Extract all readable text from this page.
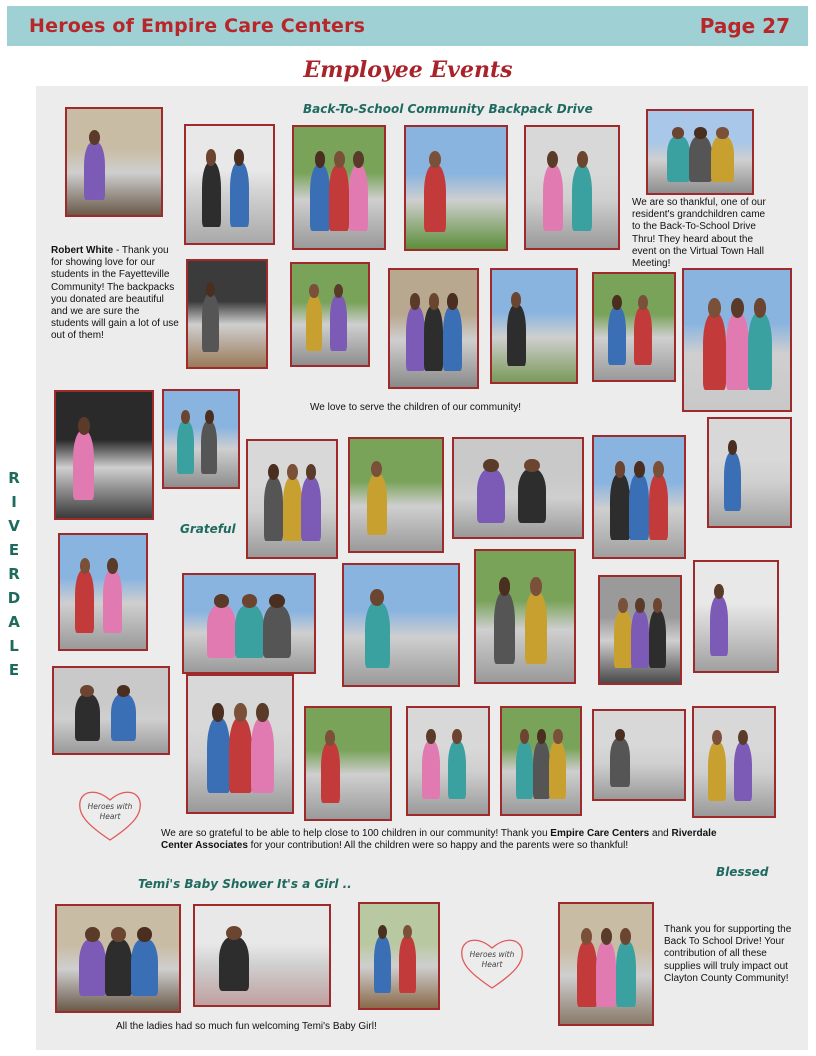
Heroes of Empire Care Centers	Page 27
Employee Events
R
I
V
E
R
D
A
L
E
Back-To-School Community Backpack Drive
Grateful
Blessed
Temi's Baby Shower It's a Girl ..
Robert White - Thank you for showing love for our students in the Fayetteville Community! The backpacks you donated are beautiful and we are sure the students will gain a lot of use out of them!
We are so thankful, one of our resident's grandchildren came to the Back-To-School Drive Thru! They heard about the event on the Virtual Town Hall Meeting!
We love to serve the children of our community!
We are so grateful to be able to help close to 100 children in our community! Thank you Empire Care Centers and Riverdale Center Associates for your contribution! All the children were so happy and the parents were so thankful!
All the ladies had so much fun welcoming Temi's Baby Girl!
Thank you for supporting the Back To School Drive! Your contribution of all these supplies will truly impact out Clayton County Community!
Heroes with
Heart
Heroes with
Heart
